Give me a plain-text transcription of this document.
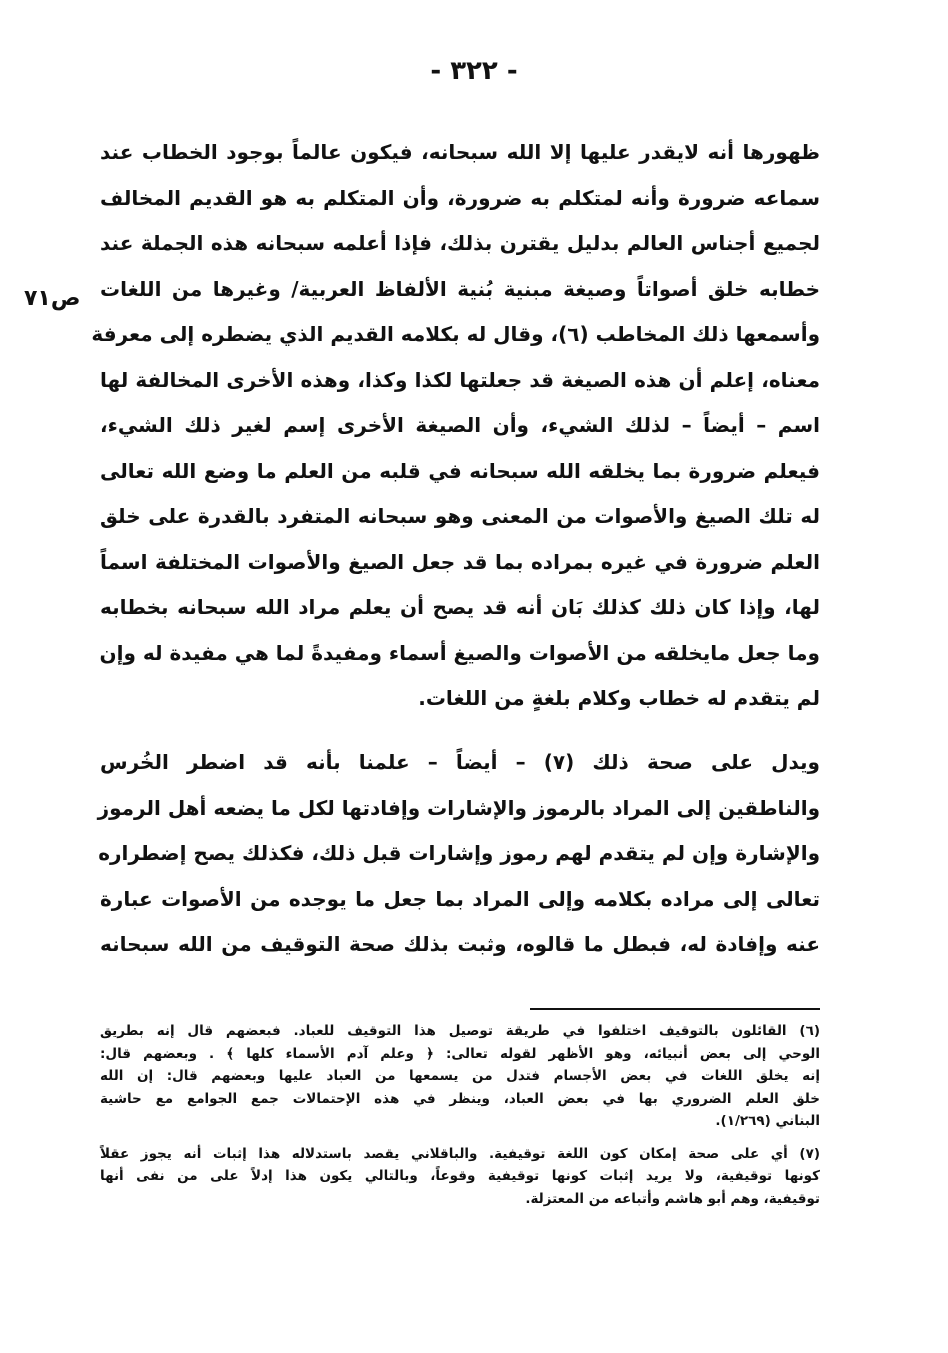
- ٣٢٢ -
ص٧١
ظهورها أنه لايقدر عليها إلا الله سبحانه، فيكون عالماً بوجود الخطاب عند
سماعه ضرورة وأنه لمتكلم به ضرورة، وأن المتكلم به هو القديم المخالف
لجميع أجناس العالم بدليل يقترن بذلك، فإذا أعلمه سبحانه هذه الجملة عند
خطابه خلق أصواتاً وصيغة مبنية بُنية الألفاظ العربية/ وغيرها من اللغات
وأسمعها ذلك المخاطب (٦)، وقال له بكلامه القديم الذي يضطره إلى معرفة
معناه، إعلم أن هذه الصيغة قد جعلتها لكذا وكذا، وهذه الأخرى المخالفة لها
اسم – أيضاً – لذلك الشيء، وأن الصيغة الأخرى إسم لغير ذلك الشيء،
فيعلم ضرورة بما يخلقه الله سبحانه في قلبه من العلم ما وضع الله تعالى
له تلك الصيغ والأصوات من المعنى وهو سبحانه المتفرد بالقدرة على خلق
العلم ضرورة في غيره بمراده بما قد جعل الصيغ والأصوات المختلفة اسماً
لها، وإذا كان ذلك كذلك بَان أنه قد يصح أن يعلم مراد الله سبحانه بخطابه
وما جعل مايخلقه من الأصوات والصيغ أسماء ومفيدةً لما هي مفيدة له وإن
لم يتقدم له خطاب وكلام بلغةٍ من اللغات.
ويدل على صحة ذلك (٧) – أيضاً – علمنا بأنه قد اضطر الخُرس
والناطقين إلى المراد بالرموز والإشارات وإفادتها لكل ما يضعه أهل الرموز
والإشارة وإن لم يتقدم لهم رموز وإشارات قبل ذلك، فكذلك يصح إضطراره
تعالى إلى مراده بكلامه وإلى المراد بما جعل ما يوجده من الأصوات عبارة
عنه وإفادة له، فبطل ما قالوه، وثبت بذلك صحة التوقيف من الله سبحانه
(٦) القائلون بالتوقيف اختلفوا في طريقة توصيل هذا التوقيف للعباد. فبعضهم قال إنه بطريق
الوحي إلى بعض أنبيائه، وهو الأظهر لقوله تعالى: ﴿ وعلم آدم الأسماء كلها ﴾ . وبعضهم قال:
إنه يخلق اللغات في بعض الأجسام فتدل من يسمعها من العباد عليها وبعضهم قال: إن الله
خلق العلم الضروري بها في بعض العباد، وينظر في هذه الإحتمالات جمع الجوامع مع حاشية
البناني (١/٢٦٩).
(٧) أي على صحة إمكان كون اللغة توقيفية. والباقلاني يقصد باستدلاله هذا إثبات أنه يجوز عقلاً
كونها توقيفية، ولا يريد إثبات كونها توقيفية وقوعاً، وبالتالي يكون هذا إدلاً على من نفى أنها
توقيفية، وهم أبو هاشم وأتباعه من المعتزلة.
